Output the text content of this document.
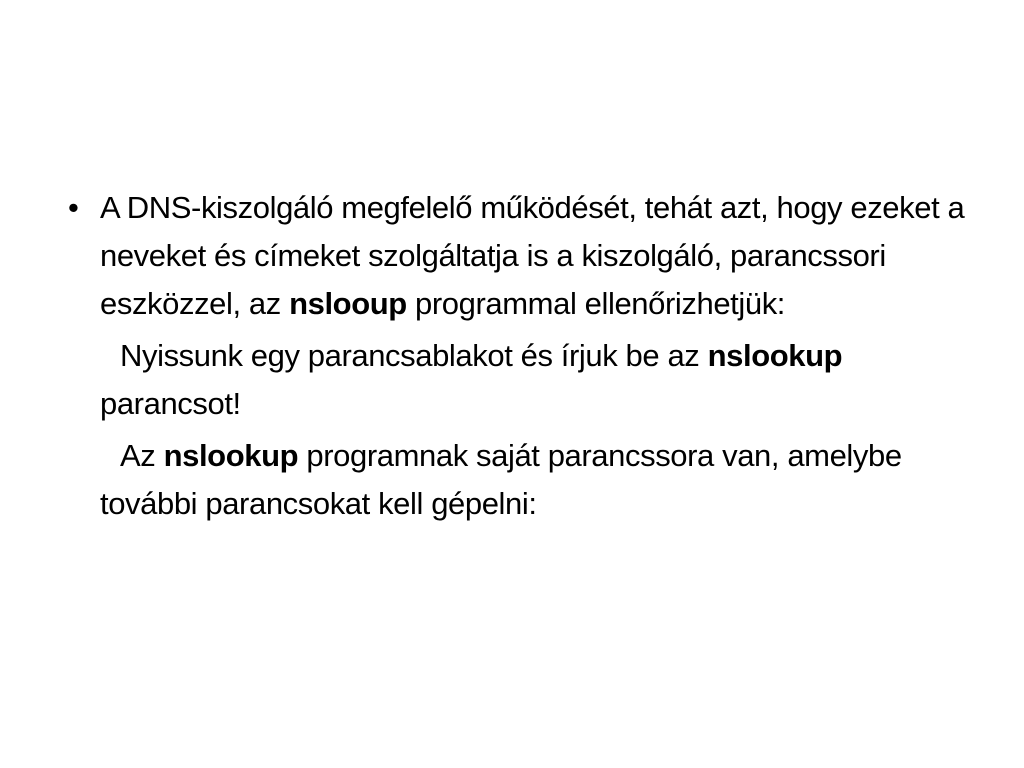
• A DNS-kiszolgáló megfelelő működését, tehát azt, hogy ezeket a neveket és címeket szolgáltatja is a kiszolgáló, parancssori eszközzel, az nslooup programmal ellenőrizhetjük:

Nyissunk egy parancsablakot és írjuk be az nslookup parancsot!

Az nslookup programnak saját parancssora van, amelybe további parancsokat kell gépelni:
